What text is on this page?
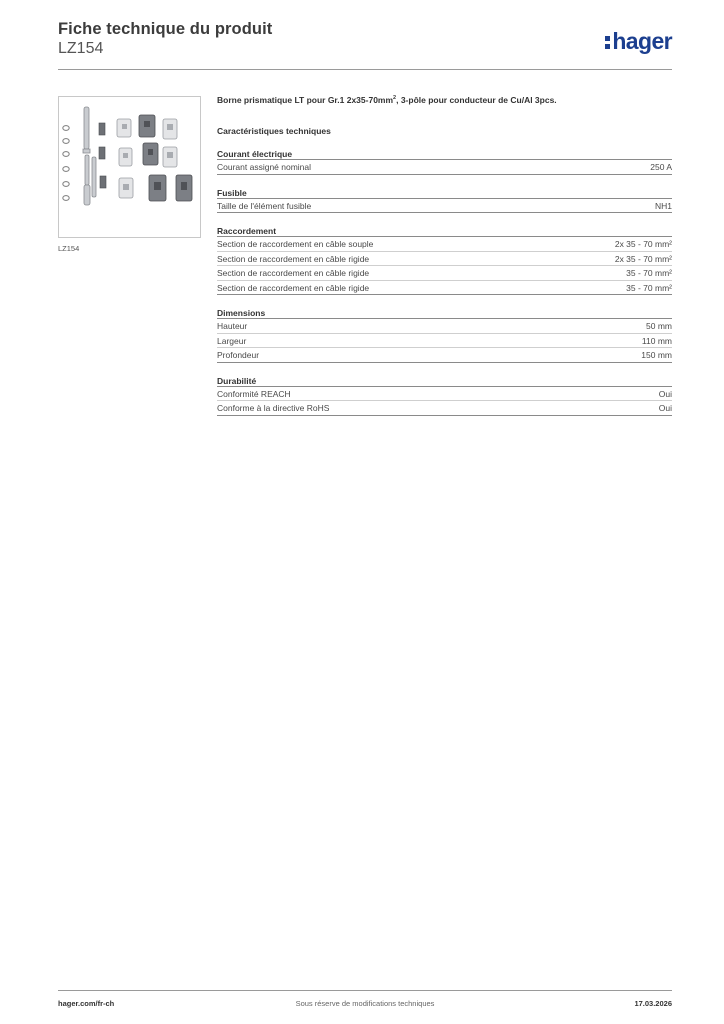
Fiche technique du produit
LZ154	hager
LZ154
Borne prismatique LT pour Gr.1 $2x35-70mm^2$, 3-pôle pour conducteur de Cu/Al 3pcs.
Caractéristiques techniques
Courant électrique
Courant assigné nominal	250 A
Fusible
Taille de l'élément fusible	NH1
Raccordement
Section de raccordement en câble souple	2x 35 - 70 mm²
Section de raccordement en câble rigide	2x 35 - 70 mm²
Section de raccordement en câble rigide	35 - 70 mm²
Section de raccordement en câble rigide	35 - 70 mm²
Dimensions
Hauteur	50 mm
Largeur	110 mm
Profondeur	150 mm
Durabilité
Conformité REACH	Oui
Conforme à la directive RoHS	Oui
hager.com/fr-ch	Sous réserve de modifications techniques	17.03.2026
